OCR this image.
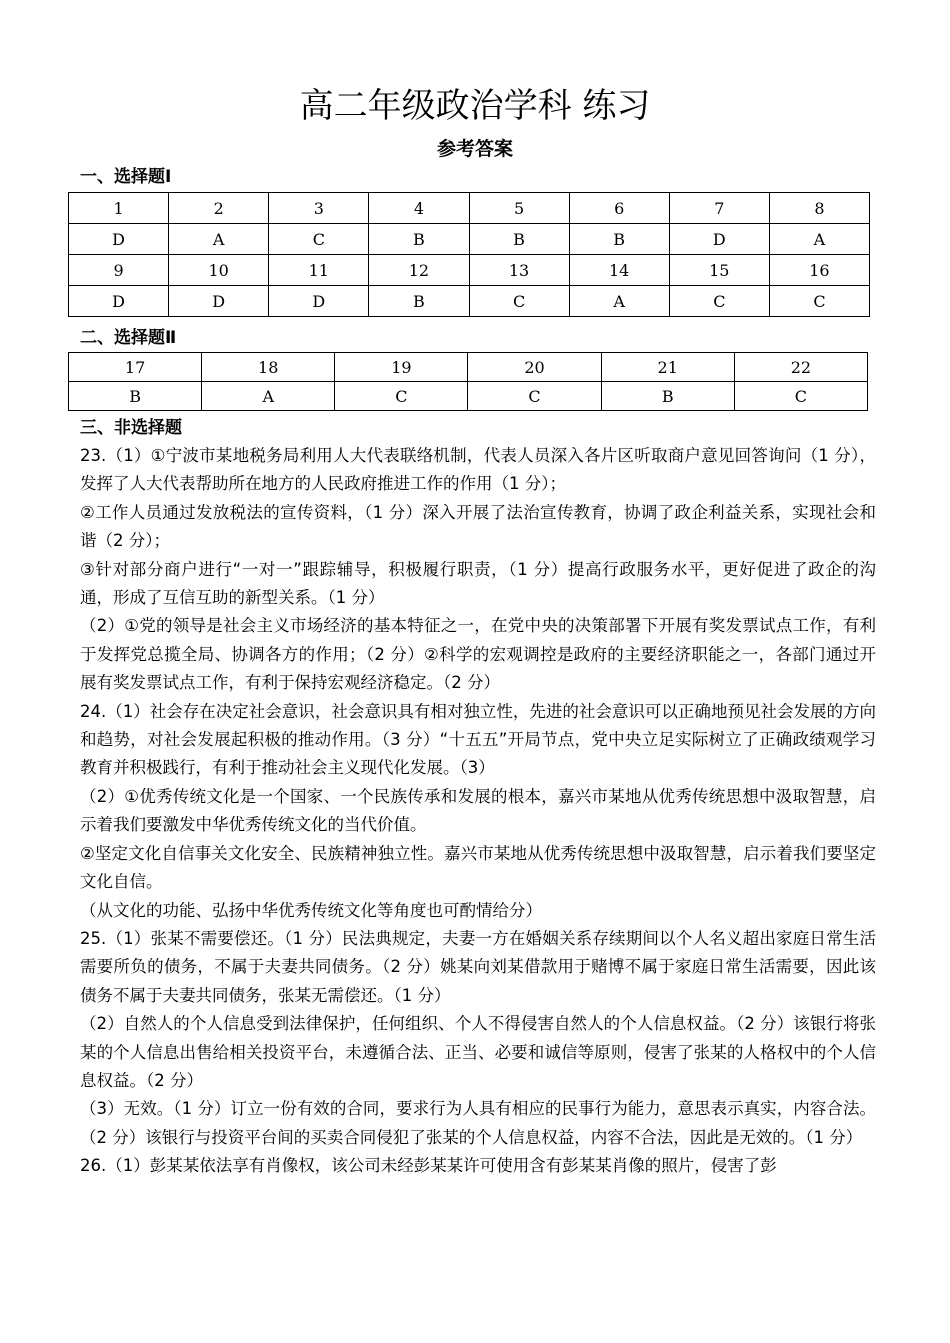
高二年级政治学科 练习
参考答案
一、选择题Ⅰ
1	2	3	4	5	6	7	8
D	A	C	B	B	B	D	A
9	10	11	12	13	14	15	16
D	D	D	B	C	A	C	C
二、选择题Ⅱ
17	18	19	20	21	22
B	A	C	C	B	C
三、非选择题

23.（1）①宁波市某地税务局利用人大代表联络机制，代表人员深入各片区听取商户意见回答询问（1 分），发挥了人大代表帮助所在地方的人民政府推进工作的作用（1 分）；

②工作人员通过发放税法的宣传资料，（1 分）深入开展了法治宣传教育，协调了政企利益关系，实现社会和谐（2 分）；

③针对部分商户进行“一对一”跟踪辅导，积极履行职责，（1 分）提高行政服务水平，更好促进了政企的沟通，形成了互信互助的新型关系。（1 分）

（2）①党的领导是社会主义市场经济的基本特征之一，在党中央的决策部署下开展有奖发票试点工作，有利于发挥党总揽全局、协调各方的作用；（2 分）②科学的宏观调控是政府的主要经济职能之一，各部门通过开展有奖发票试点工作，有利于保持宏观经济稳定。（2 分）

24.（1）社会存在决定社会意识，社会意识具有相对独立性，先进的社会意识可以正确地预见社会发展的方向和趋势，对社会发展起积极的推动作用。（3 分）“十五五”开局节点，党中央立足实际树立了正确政绩观学习教育并积极践行，有利于推动社会主义现代化发展。（3）

（2）①优秀传统文化是一个国家、一个民族传承和发展的根本，嘉兴市某地从优秀传统思想中汲取智慧，启示着我们要激发中华优秀传统文化的当代价值。

②坚定文化自信事关文化安全、民族精神独立性。嘉兴市某地从优秀传统思想中汲取智慧，启示着我们要坚定文化自信。

（从文化的功能、弘扬中华优秀传统文化等角度也可酌情给分）

25.（1）张某不需要偿还。（1 分）民法典规定，夫妻一方在婚姻关系存续期间以个人名义超出家庭日常生活需要所负的债务，不属于夫妻共同债务。（2 分）姚某向刘某借款用于赌博不属于家庭日常生活需要，因此该债务不属于夫妻共同债务，张某无需偿还。（1 分）

（2）自然人的个人信息受到法律保护，任何组织、个人不得侵害自然人的个人信息权益。（2 分）该银行将张某的个人信息出售给相关投资平台，未遵循合法、正当、必要和诚信等原则，侵害了张某的人格权中的个人信息权益。（2 分）

（3）无效。（1 分）订立一份有效的合同，要求行为人具有相应的民事行为能力，意思表示真实，内容合法。（2 分）该银行与投资平台间的买卖合同侵犯了张某的个人信息权益，内容不合法，因此是无效的。（1 分）

26.（1）彭某某依法享有肖像权，该公司未经彭某某许可使用含有彭某某肖像的照片，侵害了彭
